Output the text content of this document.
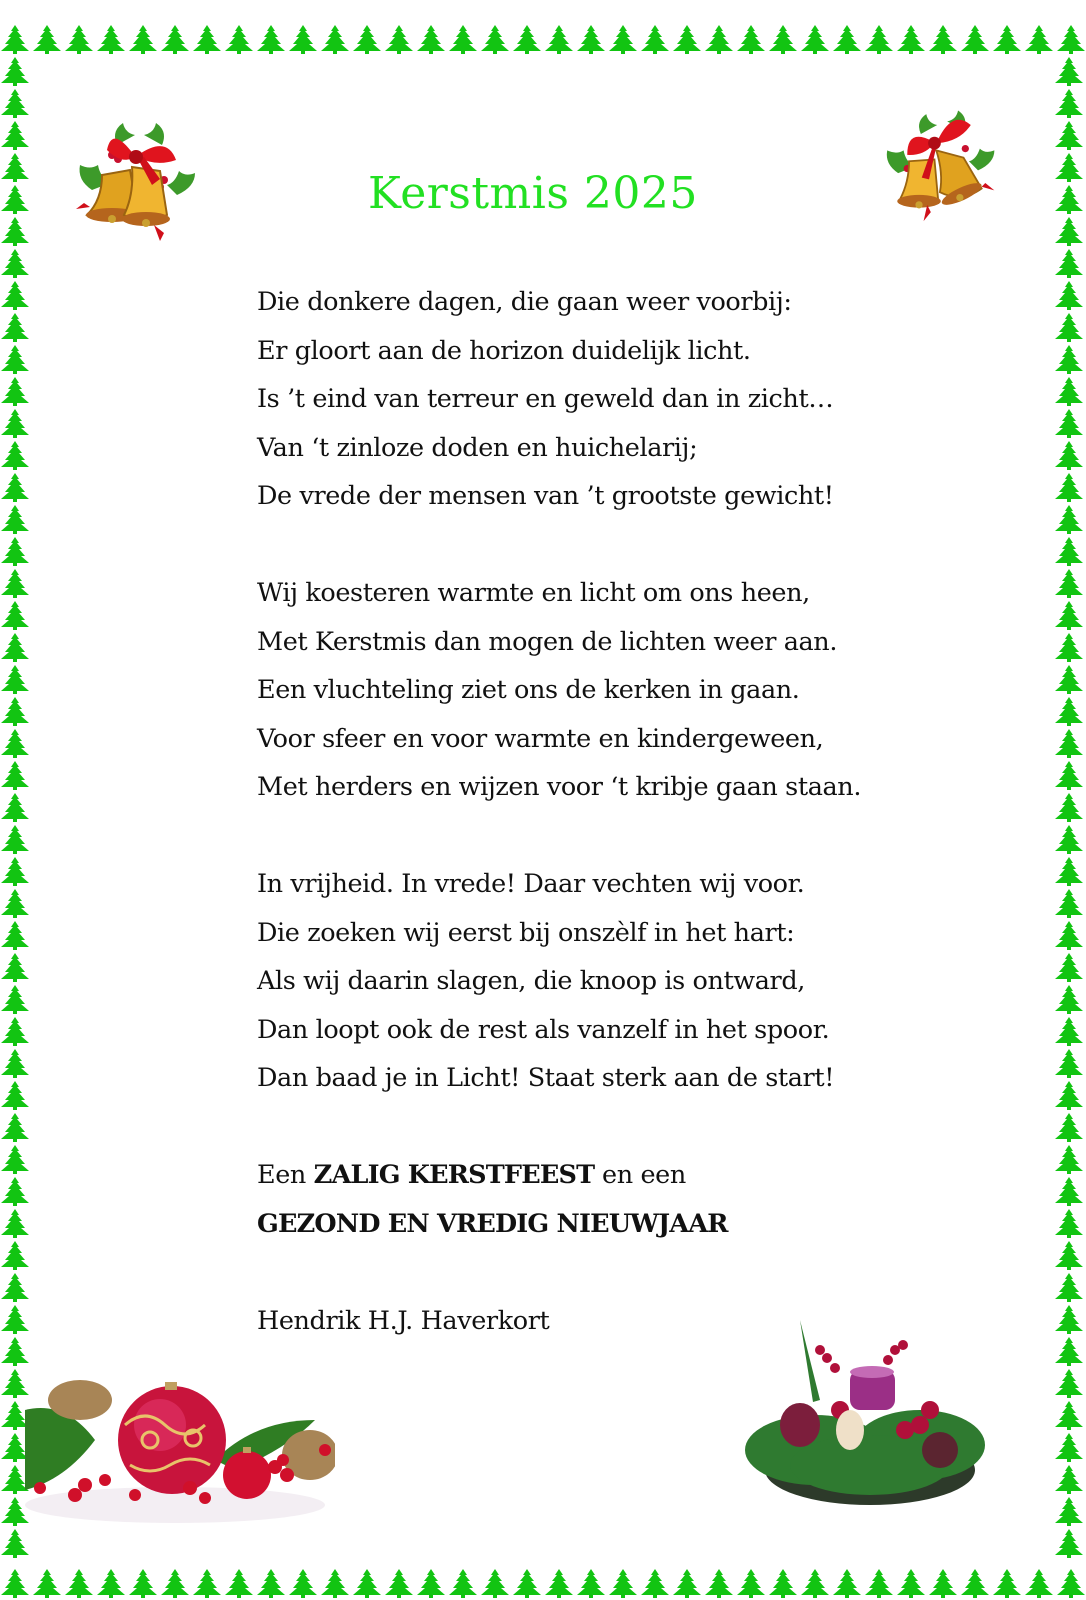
Kerstmis 2025
Die donkere dagen, die gaan weer voorbij:
Er gloort aan de horizon duidelijk licht.
Is ’t eind van terreur en geweld dan in zicht…
Van ‘t zinloze doden en huichelarij;
De vrede der mensen van ’t grootste gewicht!
Wij koesteren warmte en licht om ons heen,
Met Kerstmis dan mogen de lichten weer aan.
Een vluchteling ziet ons de kerken in gaan.
Voor sfeer en voor warmte en kindergeween,
Met herders en wijzen voor ‘t kribje gaan staan.
In vrijheid. In vrede! Daar vechten wij voor.
Die zoeken wij eerst bij onszèlf in het hart:
Als wij daarin slagen, die knoop is ontward,
Dan loopt ook de rest als vanzelf in het spoor.
Dan baad je in Licht! Staat sterk aan de start!
Een ZALIG KERSTFEEST en een
GEZOND EN VREDIG NIEUWJAAR
Hendrik H.J. Haverkort
